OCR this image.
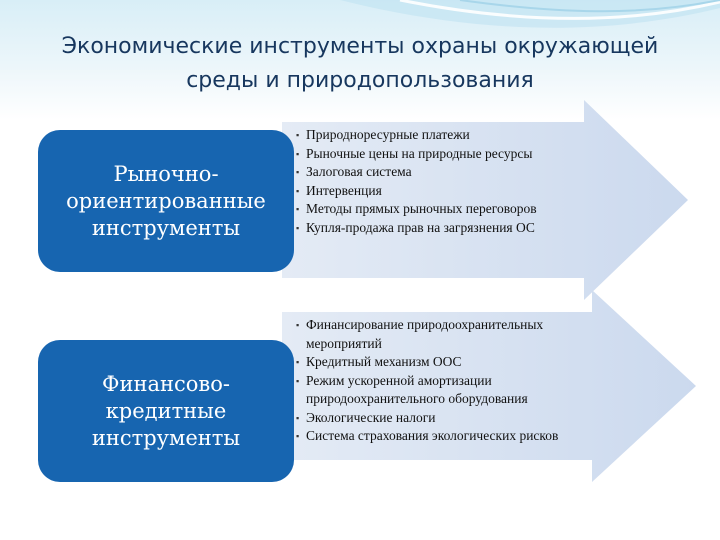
Экономические инструменты охраны окружающей
среды и природопользования
Рыночно-
ориентированные
инструменты
Финансово-
кредитные
инструменты
▪ Природноресурные платежи
▪ Рыночные цены на природные ресурсы
▪ Залоговая система
▪ Интервенция
▪ Методы прямых рыночных переговоров
▪ Купля-продажа прав на загрязнения ОС
▪ Финансирование природоохранительных мероприятий
▪ Кредитный механизм ООС
▪ Режим ускоренной амортизации природоохранительного оборудования
▪ Экологические налоги
▪ Система страхования экологических рисков
